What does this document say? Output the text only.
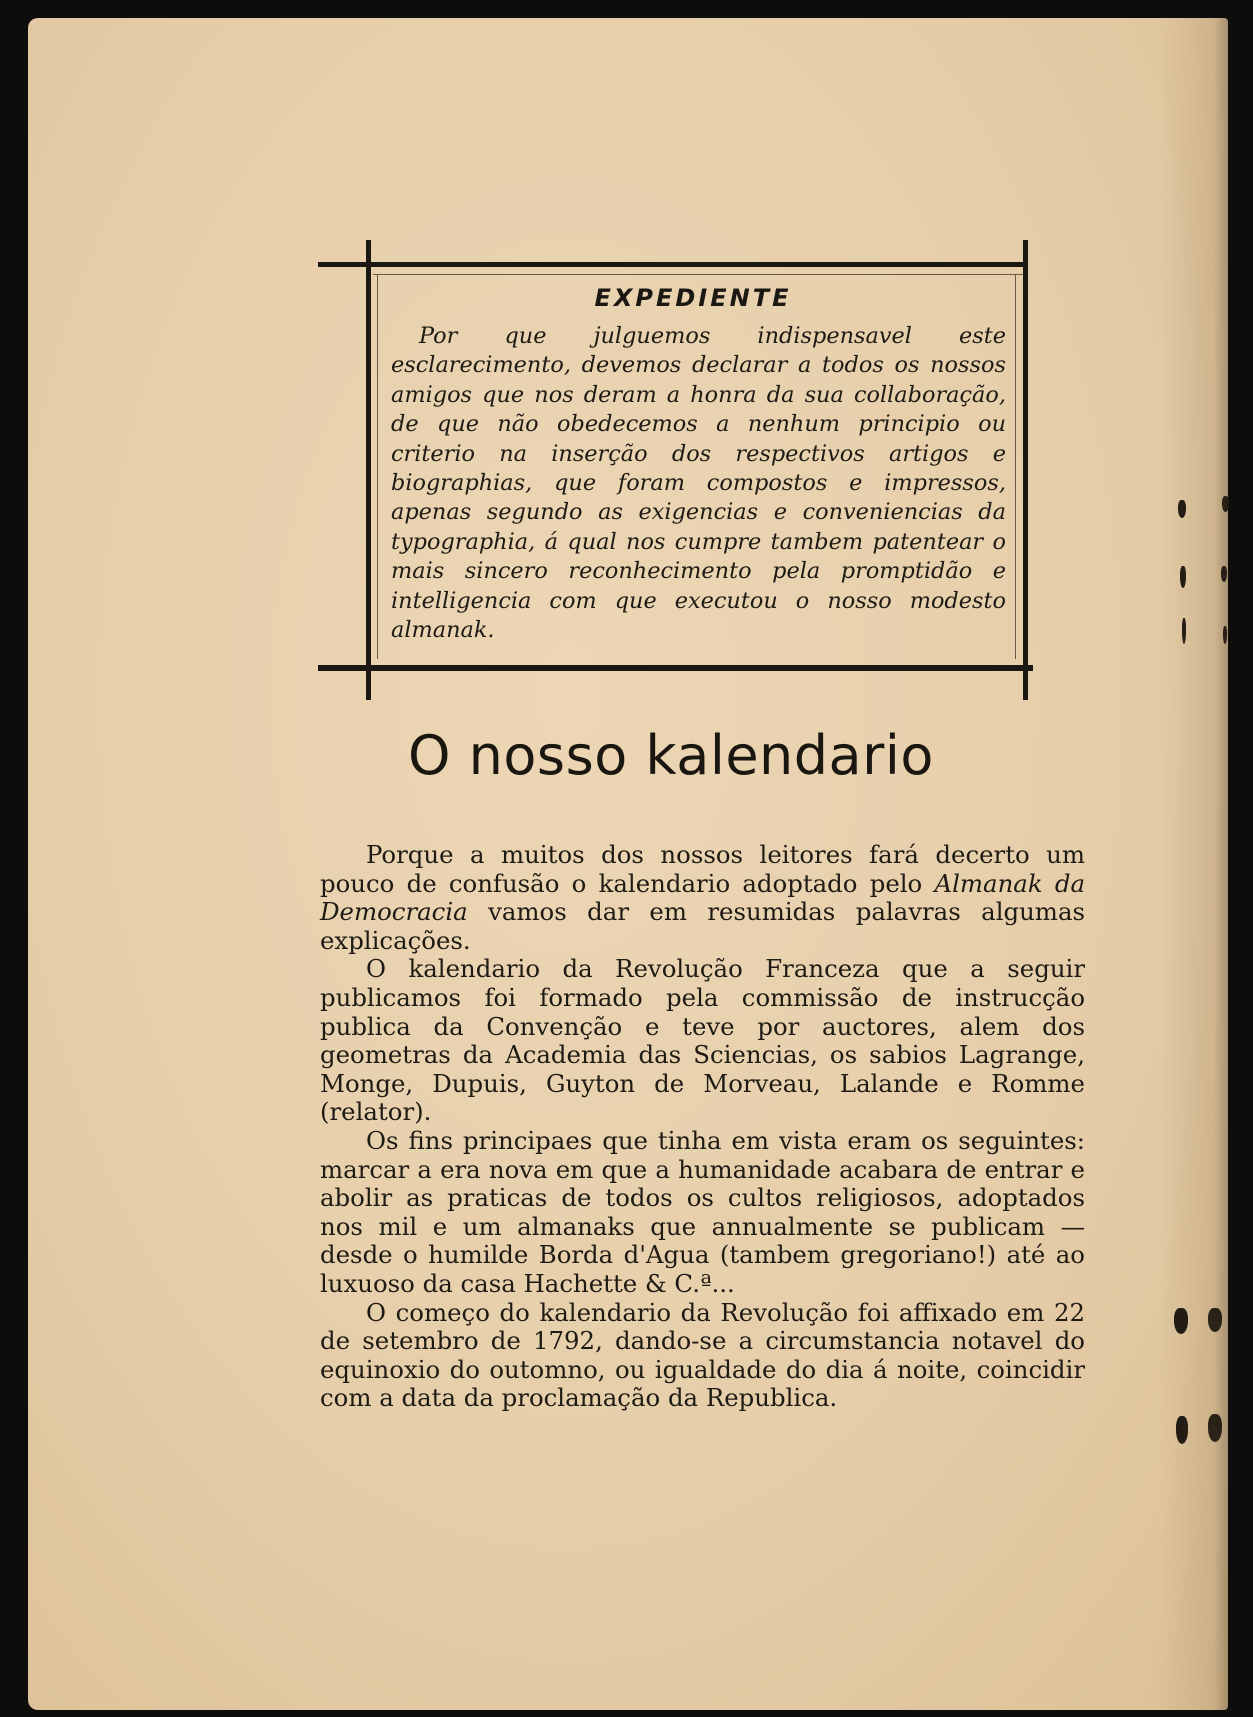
EXPEDIENTE
Por que julguemos indispensavel este esclarecimento, devemos declarar a todos os nossos amigos que nos deram a honra da sua collaboração, de que não obedecemos a nenhum principio ou criterio na inserção dos respectivos artigos e biographias, que foram compostos e impressos, apenas segundo as exigencias e conveniencias da typographia, á qual nos cumpre tambem patentear o mais sincero reconhecimento pela promptidão e intelligencia com que executou o nosso modesto almanak.
O nosso kalendario

Porque a muitos dos nossos leitores fará decerto um pouco de confusão o kalendario adoptado pelo Almanak da Democracia vamos dar em resumidas palavras algumas explicações.

O kalendario da Revolução Franceza que a seguir publicamos foi formado pela commissão de instrucção publica da Convenção e teve por auctores, alem dos geometras da Academia das Sciencias, os sabios Lagrange, Monge, Dupuis, Guyton de Morveau, Lalande e Romme (relator).

Os fins principaes que tinha em vista eram os seguintes: marcar a era nova em que a humanidade acabara de entrar e abolir as praticas de todos os cultos religiosos, adoptados nos mil e um almanaks que annualmente se publicam — desde o humilde Borda d'Agua (tambem gregoriano!) até ao luxuoso da casa Hachette & C.ª...

O começo do kalendario da Revolução foi affixado em 22 de setembro de 1792, dando-se a circumstancia notavel do equinoxio do outomno, ou igualdade do dia á noite, coincidir com a data da proclamação da Republica.
